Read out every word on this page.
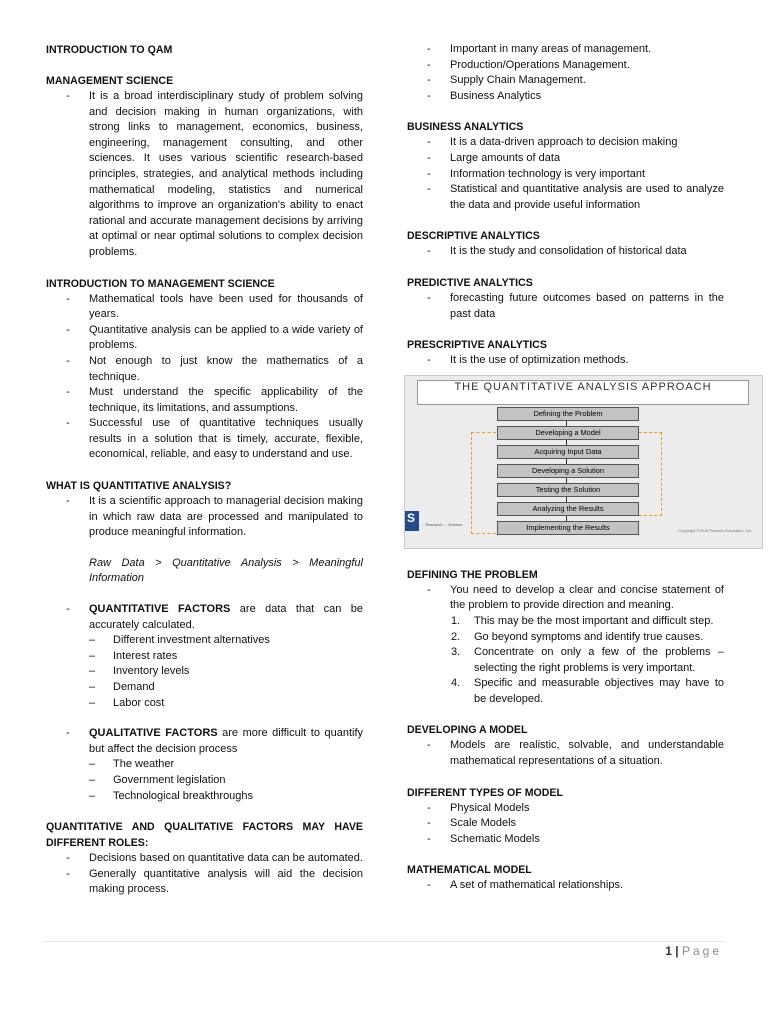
INTRODUCTION TO QAM

MANAGEMENT SCIENCE

- It is a broad interdisciplinary study of problem solving and decision making in human organizations, with strong links to management, economics, business, engineering, management consulting, and other sciences. It uses various scientific research-based principles, strategies, and analytical methods including mathematical modeling, statistics and numerical algorithms to improve an organization's ability to enact rational and accurate management decisions by arriving at optimal or near optimal solutions to complex decision problems.

INTRODUCTION TO MANAGEMENT SCIENCE

- Mathematical tools have been used for thousands of years.
- Quantitative analysis can be applied to a wide variety of problems.
- Not enough to just know the mathematics of a technique.
- Must understand the specific applicability of the technique, its limitations, and assumptions.
- Successful use of quantitative techniques usually results in a solution that is timely, accurate, flexible, economical, reliable, and easy to understand and use.

WHAT IS QUANTITATIVE ANALYSIS?

- It is a scientific approach to managerial decision making in which raw data are processed and manipulated to produce meaningful information.
Raw Data > Quantitative Analysis > Meaningful Information
- QUANTITATIVE FACTORS are data that can be accurately calculated.
– Different investment alternatives
– Interest rates
– Inventory levels
– Demand
– Labor cost
- QUALITATIVE FACTORS are more difficult to quantify but affect the decision process
– The weather
– Government legislation
– Technological breakthroughs

QUANTITATIVE AND QUALITATIVE FACTORS MAY HAVE DIFFERENT ROLES:

- Decisions based on quantitative data can be automated.
- Generally quantitative analysis will aid the decision making process.
- Important in many areas of management.
- Production/Operations Management.
- Supply Chain Management.
- Business Analytics

BUSINESS ANALYTICS

- It is a data-driven approach to decision making
- Large amounts of data
- Information technology is very important
- Statistical and quantitative analysis are used to analyze the data and provide useful information

DESCRIPTIVE ANALYTICS

- It is the study and consolidation of historical data

PREDICTIVE ANALYTICS

- forecasting future outcomes based on patterns in the past data

PRESCRIPTIVE ANALYTICS

- It is the use of optimization methods.
THE QUANTITATIVE ANALYSIS APPROACH
Defining the Problem
Developing a Model
Acquiring Input Data
Developing a Solution
Testing the Solution
Analyzing the Results
Implementing the Results
S	... Research ... Science
Copyright ©2015 Pearson Education, Inc.

DEFINING THE PROBLEM

- You need to develop a clear and concise statement of the problem to provide direction and meaning.
1. This may be the most important and difficult step.
2. Go beyond symptoms and identify true causes.
3. Concentrate on only a few of the problems – selecting the right problems is very important.
4. Specific and measurable objectives may have to be developed.

DEVELOPING A MODEL

- Models are realistic, solvable, and understandable mathematical representations of a situation.

DIFFERENT TYPES OF MODEL

- Physical Models
- Scale Models
- Schematic Models

MATHEMATICAL MODEL

- A set of mathematical relationships.
1 | Page
